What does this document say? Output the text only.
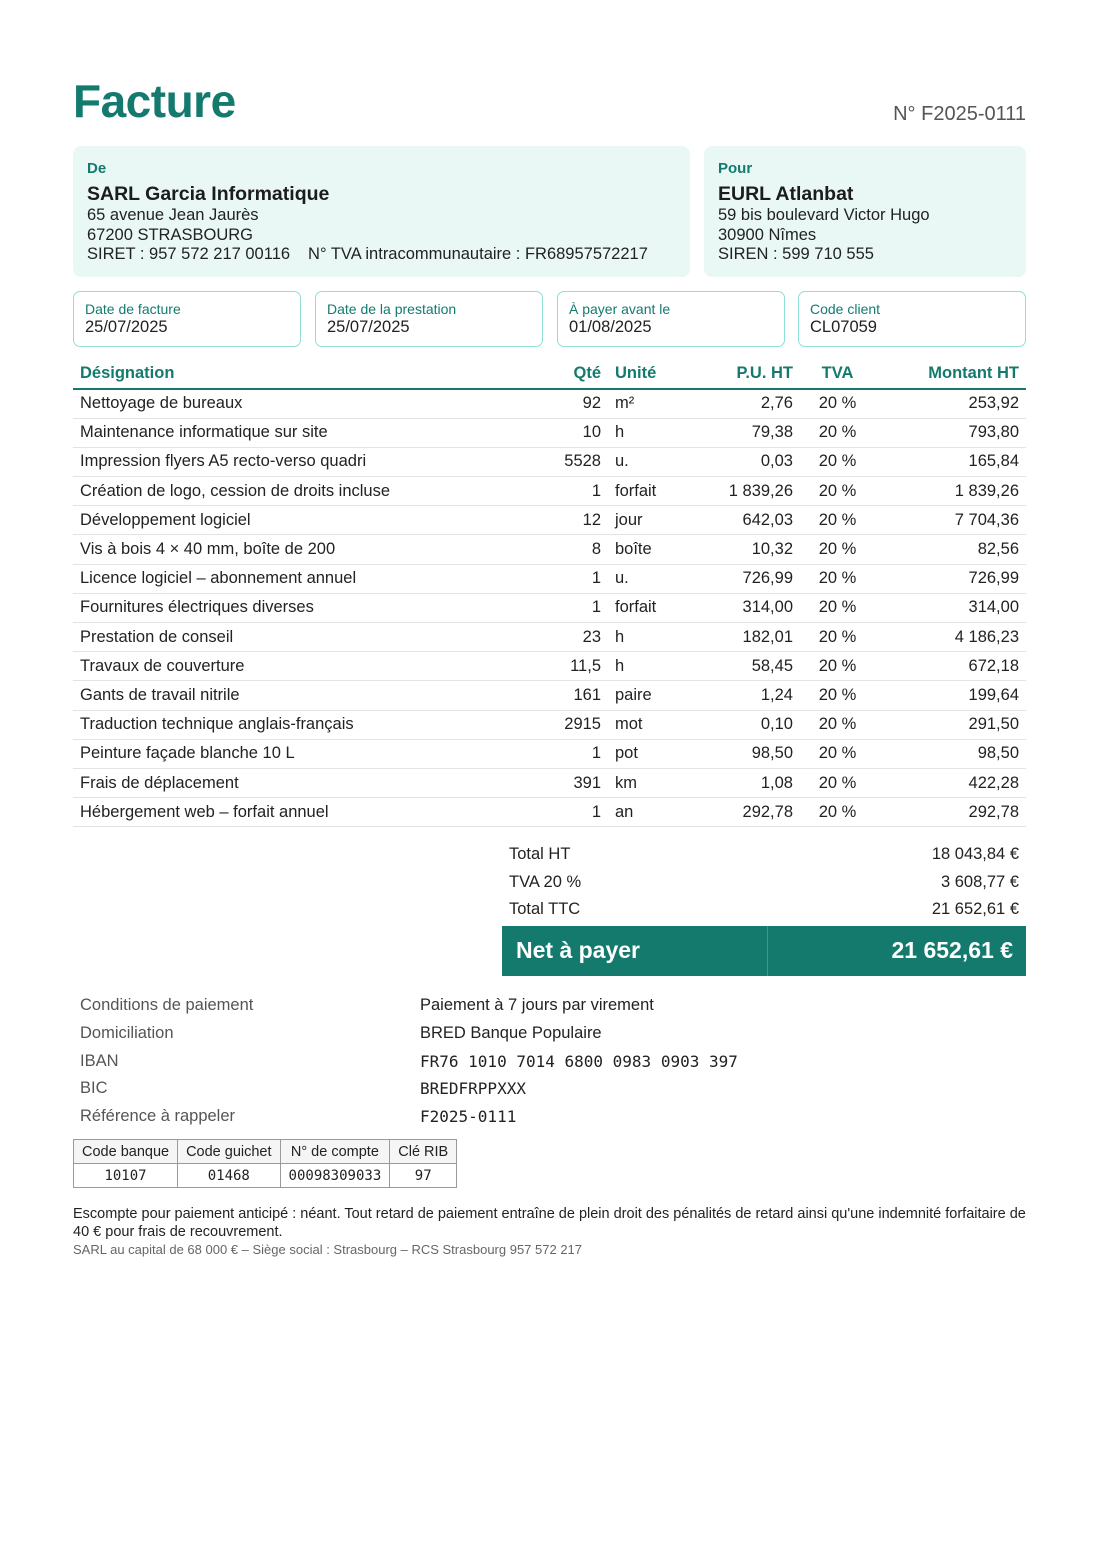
Facture	N° F2025-0111
De
SARL Garcia Informatique
65 avenue Jean Jaurès
67200 STRASBOURG
SIRET : 957 572 217 00116 N° TVA intracommunautaire : FR68957572217
Pour
EURL Atlanbat
59 bis boulevard Victor Hugo
30900 Nîmes
SIREN : 599 710 555
Date de facture
25/07/2025
Date de la prestation
25/07/2025
À payer avant le
01/08/2025
Code client
CL07059
Désignation	Qté	Unité	P.U. HT	TVA	Montant HT
Nettoyage de bureaux	92	m²	2,76	20 %	253,92
Maintenance informatique sur site	10	h	79,38	20 %	793,80
Impression flyers A5 recto-verso quadri	5528	u.	0,03	20 %	165,84
Création de logo, cession de droits incluse	1	forfait	1 839,26	20 %	1 839,26
Développement logiciel	12	jour	642,03	20 %	7 704,36
Vis à bois 4 × 40 mm, boîte de 200	8	boîte	10,32	20 %	82,56
Licence logiciel – abonnement annuel	1	u.	726,99	20 %	726,99
Fournitures électriques diverses	1	forfait	314,00	20 %	314,00
Prestation de conseil	23	h	182,01	20 %	4 186,23
Travaux de couverture	11,5	h	58,45	20 %	672,18
Gants de travail nitrile	161	paire	1,24	20 %	199,64
Traduction technique anglais-français	2915	mot	0,10	20 %	291,50
Peinture façade blanche 10 L	1	pot	98,50	20 %	98,50
Frais de déplacement	391	km	1,08	20 %	422,28
Hébergement web – forfait annuel	1	an	292,78	20 %	292,78
Total HT	18 043,84 €
TVA 20 %	3 608,77 €
Total TTC	21 652,61 €
Net à payer	21 652,61 €
Conditions de paiement	Paiement à 7 jours par virement
Domiciliation	BRED Banque Populaire
IBAN	FR76 1010 7014 6800 0983 0903 397
BIC	BREDFRPPXXX
Référence à rappeler	F2025-0111
Code banque	Code guichet	N° de compte	Clé RIB
10107	01468	00098309033	97
Escompte pour paiement anticipé : néant. Tout retard de paiement entraîne de plein droit des pénalités de retard ainsi qu'une indemnité forfaitaire de 40 € pour frais de recouvrement.
SARL au capital de 68 000 € – Siège social : Strasbourg – RCS Strasbourg 957 572 217
